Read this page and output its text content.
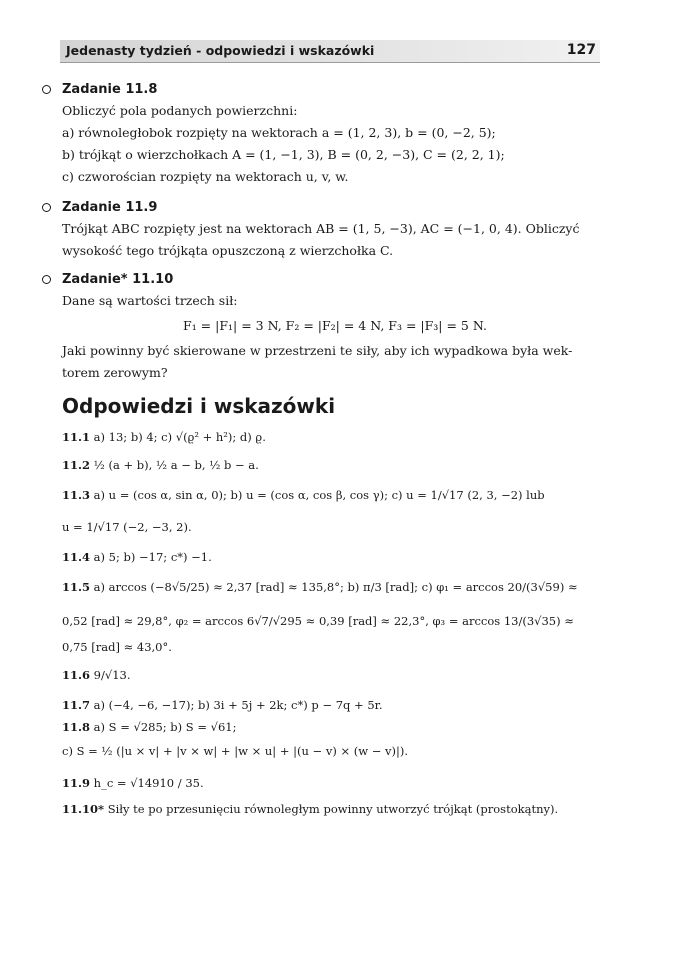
Jedenasty tydzień - odpowiedzi i wskazówki	127
Zadanie 11.8
Obliczyć pola podanych powierzchni:
a) równoległobok rozpięty na wektorach a = (1, 2, 3), b = (0, −2, 5);
b) trójkąt o wierzchołkach A = (1, −1, 3), B = (0, 2, −3), C = (2, 2, 1);
c) czworościan rozpięty na wektorach u, v, w.
Zadanie 11.9
Trójkąt ABC rozpięty jest na wektorach AB = (1, 5, −3), AC = (−1, 0, 4). Obliczyć
wysokość tego trójkąta opuszczoną z wierzchołka C.
Zadanie* 11.10
Dane są wartości trzech sił:
F₁ = |F₁| = 3 N, F₂ = |F₂| = 4 N, F₃ = |F₃| = 5 N.
Jaki powinny być skierowane w przestrzeni te siły, aby ich wypadkowa była wek-
torem zerowym?
Odpowiedzi i wskazówki
11.1 a) 13; b) 4; c) √(ϱ² + h²); d) ϱ.
11.2 ½ (a + b), ½ a − b, ½ b − a.
11.3 a) u = (cos α, sin α, 0); b) u = (cos α, cos β, cos γ); c) u = 1/√17 (2, 3, −2) lub
u = 1/√17 (−2, −3, 2).
11.4 a) 5; b) −17; c*) −1.
11.5 a) arccos (−8√5/25) ≈ 2,37 [rad] ≈ 135,8°; b) π/3 [rad]; c) φ₁ = arccos 20/(3√59) ≈
0,52 [rad] ≈ 29,8°, φ₂ = arccos 6√7/√295 ≈ 0,39 [rad] ≈ 22,3°, φ₃ = arccos 13/(3√35) ≈
0,75 [rad] ≈ 43,0°.
11.6 9/√13.
11.7 a) (−4, −6, −17); b) 3i + 5j + 2k; c*) p − 7q + 5r.
11.8 a) S = √285; b) S = √61;
c) S = ½ (|u × v| + |v × w| + |w × u| + |(u − v) × (w − v)|).
11.9 h_c = √14910 / 35.
11.10* Siły te po przesunięciu równoległym powinny utworzyć trójkąt (prostokątny).
